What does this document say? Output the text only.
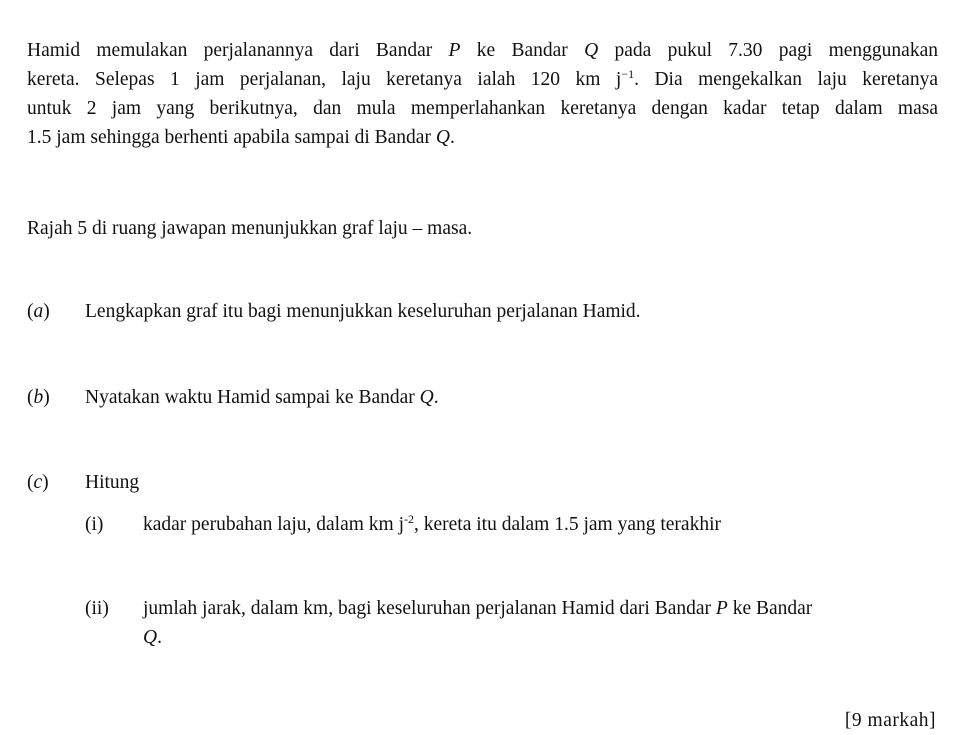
Hamid memulakan perjalanannya dari Bandar P ke Bandar Q pada pukul 7.30 pagi menggunakan
kereta. Selepas 1 jam perjalanan, laju keretanya ialah 120 km $j^{-1}$. Dia mengekalkan laju keretanya
untuk 2 jam yang berikutnya, dan mula memperlahankan keretanya dengan kadar tetap dalam masa
1.5 jam sehingga berhenti apabila sampai di Bandar Q.
Rajah 5 di ruang jawapan menunjukkan graf laju – masa.
(a) Lengkapkan graf itu bagi menunjukkan keseluruhan perjalanan Hamid.
(b) Nyatakan waktu Hamid sampai ke Bandar Q.
(c) Hitung
(i) kadar perubahan laju, dalam km $j^{-2}$, kereta itu dalam 1.5 jam yang terakhir
(ii) jumlah jarak, dalam km, bagi keseluruhan perjalanan Hamid dari Bandar P ke Bandar
Q.
[9 markah]
